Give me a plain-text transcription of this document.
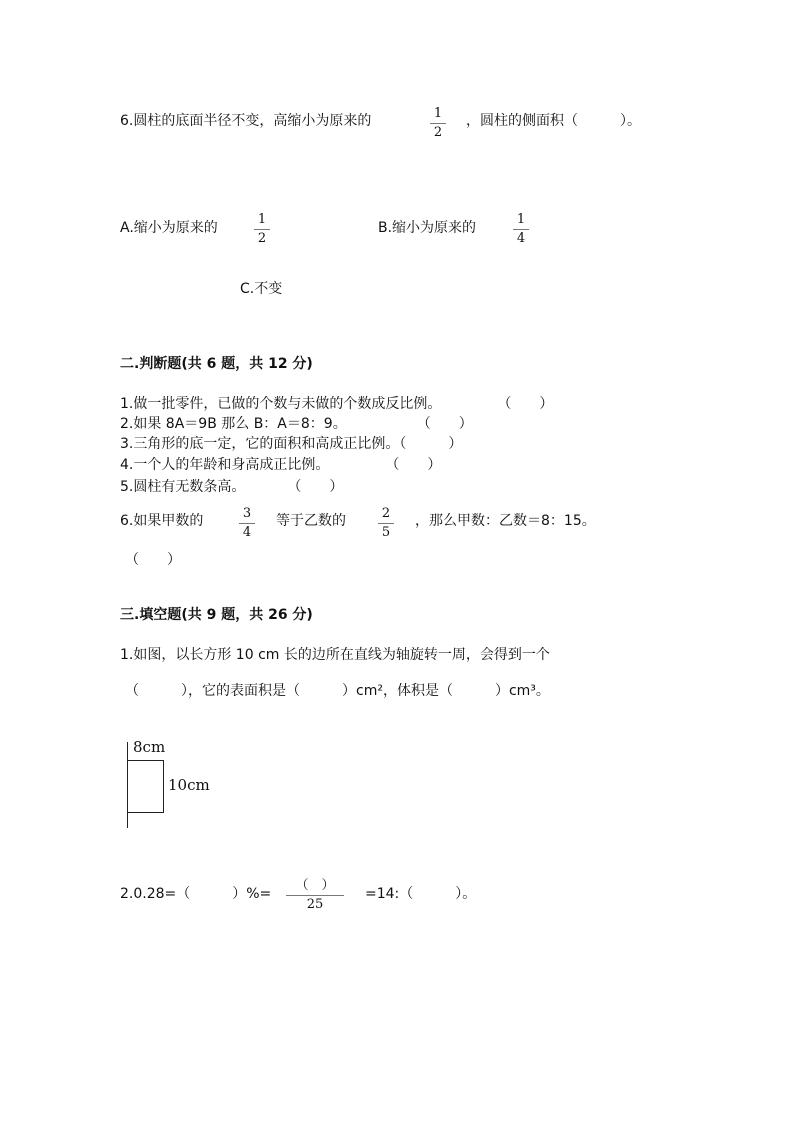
6.圆柱的底面半径不变，高缩小为原来的	1
2
，圆柱的侧面积（　　　）。
A.缩小为原来的
1
2
B.缩小为原来的
1
4
C.不变
二.判断题(共 6 题，共 12 分)
1.做一批零件，已做的个数与未做的个数成反比例。　　　　　（　　）
2.如果 8A＝9B 那么 B：A＝8：9。　　　　　　（　　）
3.三角形的底一定，它的面积和高成正比例。（　　　）
4.一个人的年龄和身高成正比例。　　　　　（　　）
5.圆柱有无数条高。　　　　（　　）
6.如果甲数的	3
4
等于乙数的	2
5
，那么甲数：乙数＝8：15。
（　　）
三.填空题(共 9 题，共 26 分)
1.如图，以长方形 10 cm 长的边所在直线为轴旋转一周，会得到一个
（　　　），它的表面积是（　　　）cm²，体积是（　　　）cm³。
8cm
10cm
2.0.28=（　　　）%=
（　）
25
=14:（　　　）。
